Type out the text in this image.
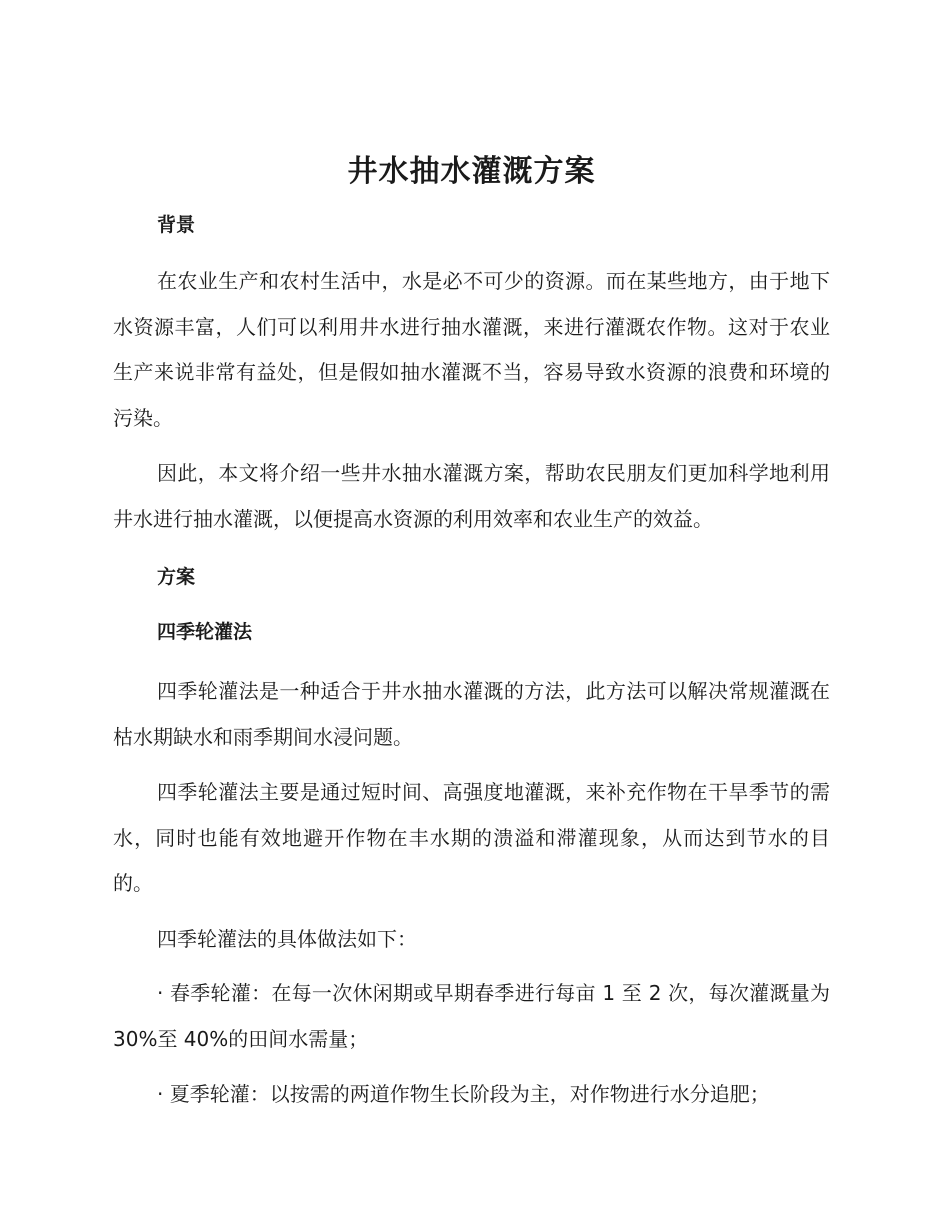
井水抽水灌溉方案
背景

在农业生产和农村生活中，水是必不可少的资源。而在某些地方，由于地下水资源丰富，人们可以利用井水进行抽水灌溉，来进行灌溉农作物。这对于农业生产来说非常有益处，但是假如抽水灌溉不当，容易导致水资源的浪费和环境的污染。

因此，本文将介绍一些井水抽水灌溉方案，帮助农民朋友们更加科学地利用井水进行抽水灌溉，以便提高水资源的利用效率和农业生产的效益。

方案
四季轮灌法

四季轮灌法是一种适合于井水抽水灌溉的方法，此方法可以解决常规灌溉在枯水期缺水和雨季期间水浸问题。

四季轮灌法主要是通过短时间、高强度地灌溉，来补充作物在干旱季节的需水，同时也能有效地避开作物在丰水期的溃溢和滞灌现象，从而达到节水的目的。

四季轮灌法的具体做法如下：

· 春季轮灌：在每一次休闲期或早期春季进行每亩 1 至 2 次，每次灌溉量为 30%至 40%的田间水需量；

· 夏季轮灌：以按需的两道作物生长阶段为主，对作物进行水分追肥；
